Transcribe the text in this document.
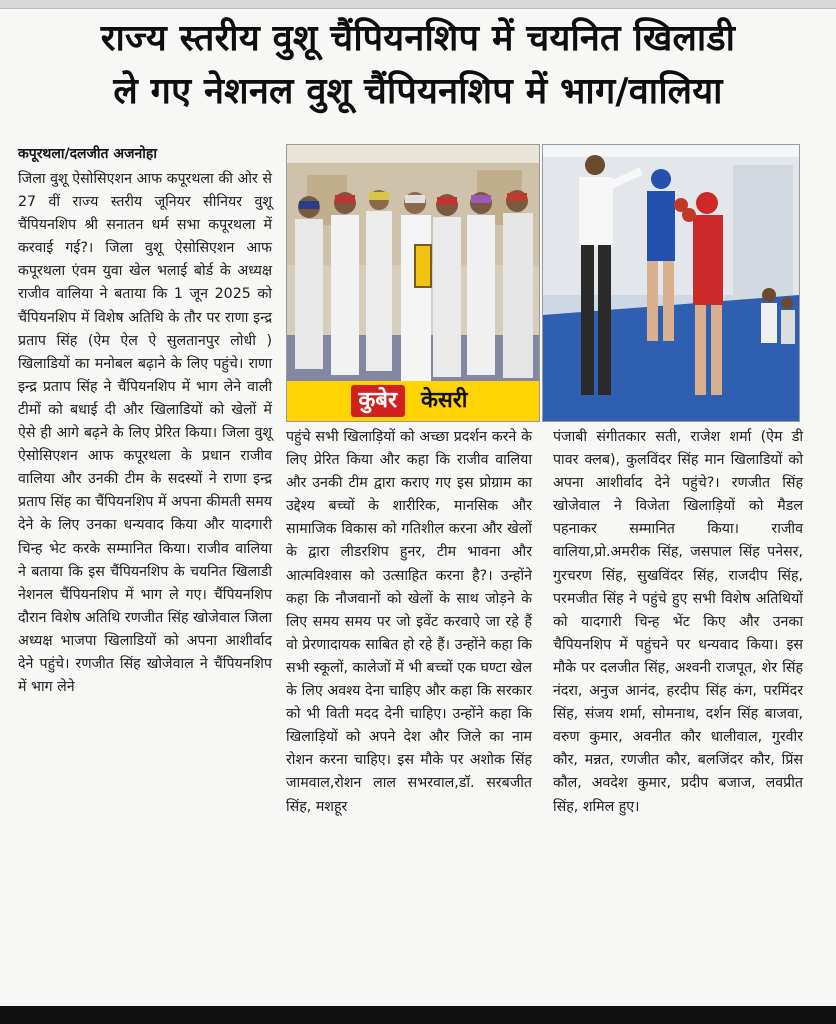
राज्य स्तरीय वुशू चैंपियनशिप में चयनित खिलाडी
ले गए नेशनल वुशू चैंपियनशिप में भाग/वालिया
कपूरथला/दलजीत अजनोहा
जिला वुशू ऐसोसिएशन आफ कपूरथला की ओर से 27 वीं राज्य स्तरीय जूनियर सीनियर वुशू चैंपियनशिप श्री सनातन धर्म सभा कपूरथला में करवाई गई?। जिला वुशू ऐसोसिएशन आफ कपूरथला एंवम युवा खेल भलाई बोर्ड के अध्यक्ष राजीव वालिया ने बताया कि 1 जून 2025 को चैंपियनशिप में विशेष अतिथि के तौर पर राणा इन्द्र प्रताप सिंह (ऐम ऐल ऐ सुलतानपुर लोधी ) खिलाडियों का मनोबल बढ़ाने के लिए पहुंचे। राणा इन्द्र प्रताप सिंह ने चैंपियनशिप में भाग लेने वाली टीमों को बधाई दी और खिलाडियों को खेलों में ऐसे ही आगे बढ़ने के लिए प्रेरित किया। जिला वुशू ऐसोसिएशन आफ कपूरथला के प्रधान राजीव वालिया और उनकी टीम के सदस्यों ने राणा इन्द्र प्रताप सिंह का चैंपियनशिप में अपना कीमती समय देने के लिए उनका धन्यवाद किया और यादगारी चिन्ह भेट करके सम्मानित किया। राजीव वालिया ने बताया कि इस चैंपियनशिप के चयनित खिलाडी नेशनल चैंपियनशिप में भाग ले गए। चैंपियनशिप दौरान विशेष अतिथि रणजीत सिंह खोजेवाल जिला अध्यक्ष भाजपा खिलाडियों को अपना आशीर्वाद देने पहुंचे। रणजीत सिंह खोजेवाल ने चैंपियनशिप में भाग लेने
कुबेर	केसरी
पहुंचे सभी खिलाड़ियों को अच्छा प्रदर्शन करने के लिए प्रेरित किया और कहा कि राजीव वालिया और उनकी टीम द्वारा कराए गए इस प्रोग्राम का उद्देश्य बच्चों के शारीरिक, मानसिक और सामाजिक विकास को गतिशील करना और खेलों के द्वारा लीडरशिप हुनर, टीम भावना और आत्मविश्वास को उत्साहित करना है?। उन्होंने कहा कि नौजवानों को खेलों के साथ जोड़ने के लिए समय समय पर जो इवेंट करवाऐ जा रहे हैं वो प्रेरणादायक साबित हो रहे हैं। उन्होंने कहा कि सभी स्कूलों, कालेजों में भी बच्चों एक घण्टा खेल के लिए अवश्य देना चाहिए और कहा कि सरकार को भी विती मदद देनी चाहिए। उन्होंने कहा कि खिलाड़ियों को अपने देश और जिले का नाम रोशन करना चाहिए। इस मौके पर अशोक सिंह जामवाल,रोशन लाल सभरवाल,डॉ. सरबजीत सिंह, मशहूर
पंजाबी संगीतकार सती, राजेश शर्मा (ऐम डी पावर क्लब), कुलविंदर सिंह मान खिलाडियों को अपना आशीर्वाद देने पहुंचे?। रणजीत सिंह खोजेवाल ने विजेता खिलाड़ियों को मैडल पहनाकर सम्मानित किया। राजीव वालिया,प्रो.अमरीक सिंह, जसपाल सिंह पनेसर, गुरचरण सिंह, सुखविंदर सिंह, राजदीप सिंह, परमजीत सिंह ने पहुंचे हुए सभी विशेष अतिथियों को यादगारी चिन्ह भेंट किए और उनका चैपियनशिप में पहुंचने पर धन्यवाद किया। इस मौके पर दलजीत सिंह, अश्वनी राजपूत, शेर सिंह नंदरा, अनुज आनंद, हरदीप सिंह कंग, परमिंदर सिंह, संजय शर्मा, सोमनाथ, दर्शन सिंह बाजवा, वरुण कुमार, अवनीत कौर धालीवाल, गुरवीर कौर, मन्नत, रणजीत कौर, बलजिंदर कौर, प्रिंस कौल, अवदेश कुमार, प्रदीप बजाज, लवप्रीत सिंह, शमिल हुए।
